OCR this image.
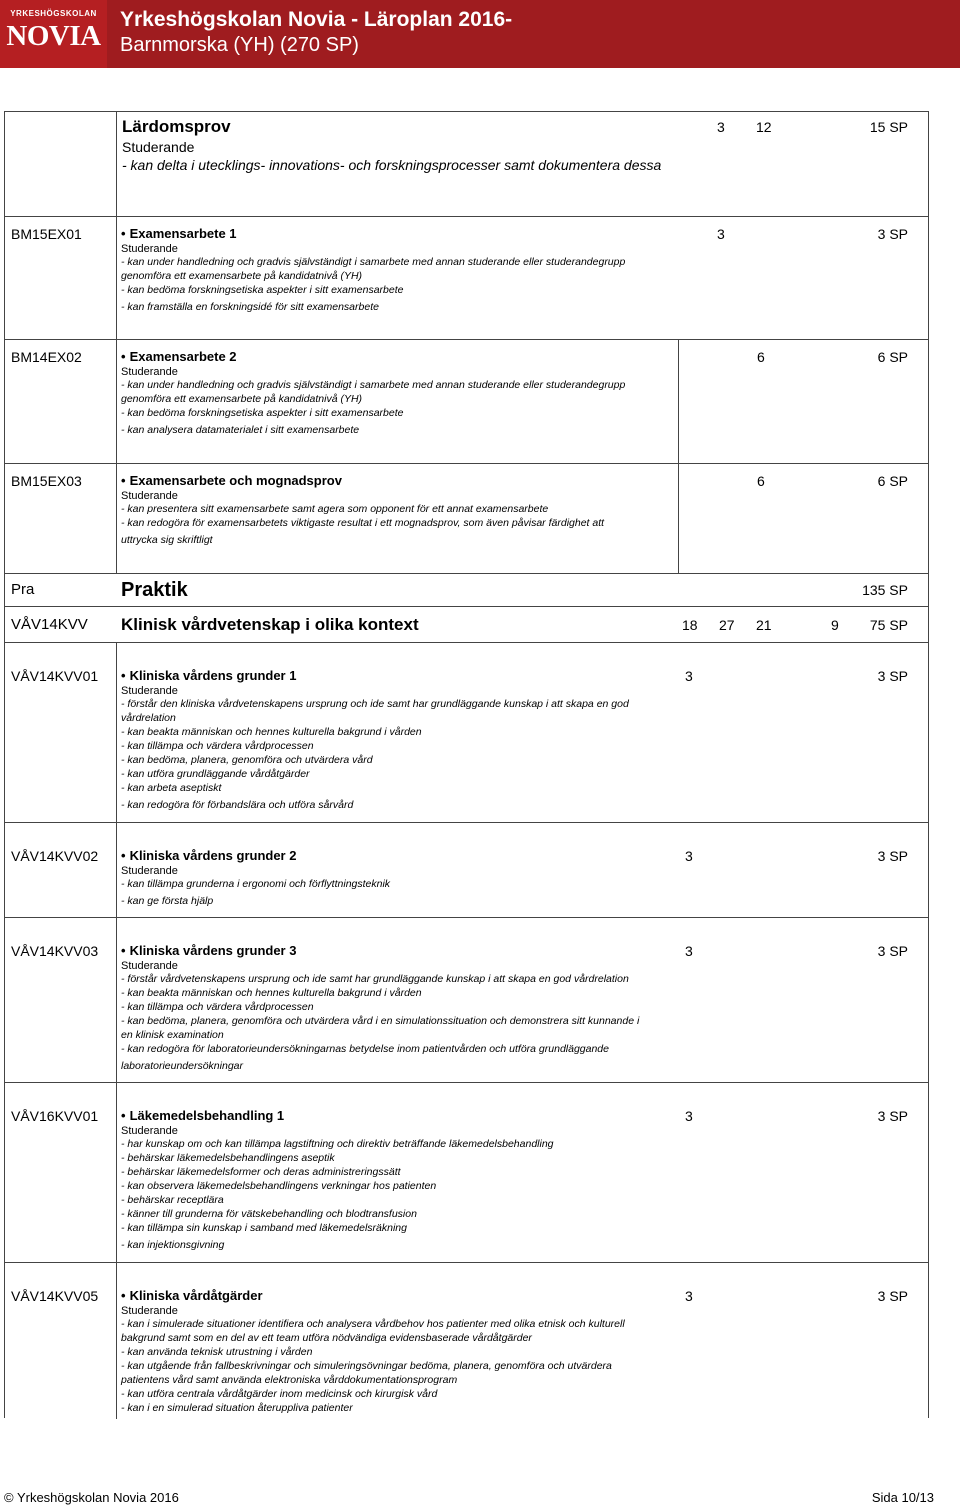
YRKESHÖGSKOLAN
NOVIA
Yrkeshögskolan Novia - Läroplan 2016-
Barnmorska (YH) (270 SP)
Lärdomsprov
Studerande
- kan delta i utecklings- innovations- och forskningsprocesser samt dokumentera dessa
3 12	15 SP
BM15EX01	• Examensarbete 1
Studerande
- kan under handledning och gradvis självständigt i samarbete med annan studerande eller studerandegrupp
genomföra ett examensarbete på kandidatnivå (YH)
- kan bedöma forskningsetiska aspekter i sitt examensarbete
- kan framställa en forskningsidé för sitt examensarbete
3	3 SP
BM14EX02	• Examensarbete 2
Studerande
- kan under handledning och gradvis självständigt i samarbete med annan studerande eller studerandegrupp
genomföra ett examensarbete på kandidatnivå (YH)
- kan bedöma forskningsetiska aspekter i sitt examensarbete
- kan analysera datamaterialet i sitt examensarbete
6	6 SP
BM15EX03	• Examensarbete och mognadsprov
Studerande
- kan presentera sitt examensarbete samt agera som opponent för ett annat examensarbete
- kan redogöra för examensarbetets viktigaste resultat i ett mognadsprov, som även påvisar färdighet att
uttrycka sig skriftligt
6	6 SP
Pra	Praktik	135 SP
VÅV14KVV Klinisk vårdvetenskap i olika kontext	18 27 21	9 75 SP
VÅV14KVV01 • Kliniska vårdens grunder 1
Studerande
- förstår den kliniska vårdvetenskapens ursprung och ide samt har grundläggande kunskap i att skapa en god
vårdrelation
- kan beakta människan och hennes kulturella bakgrund i vården
- kan tillämpa och värdera vårdprocessen
- kan bedöma, planera, genomföra och utvärdera vård
- kan utföra grundläggande vårdåtgärder
- kan arbeta aseptiskt
- kan redogöra för förbandslära och utföra sårvård
3	3 SP
VÅV14KVV02 • Kliniska vårdens grunder 2
Studerande
- kan tillämpa grunderna i ergonomi och förflyttningsteknik
- kan ge första hjälp
3	3 SP
VÅV14KVV03 • Kliniska vårdens grunder 3
Studerande
- förstår vårdvetenskapens ursprung och ide samt har grundläggande kunskap i att skapa en god vårdrelation
- kan beakta människan och hennes kulturella bakgrund i vården
- kan tillämpa och värdera vårdprocessen
- kan bedöma, planera, genomföra och utvärdera vård i en simulationssituation och demonstrera sitt kunnande i
en klinisk examination
- kan redogöra för laboratorieundersökningarnas betydelse inom patientvården och utföra grundläggande
laboratorieundersökningar
3	3 SP
VÅV16KVV01 • Läkemedelsbehandling 1
Studerande
- har kunskap om och kan tillämpa lagstiftning och direktiv beträffande läkemedelsbehandling
- behärskar läkemedelsbehandlingens aseptik
- behärskar läkemedelsformer och deras administreringssätt
- kan observera läkemedelsbehandlingens verkningar hos patienten
- behärskar receptlära
- känner till grunderna för vätskebehandling och blodtransfusion
- kan tillämpa sin kunskap i samband med läkemedelsräkning
- kan injektionsgivning
3	3 SP
VÅV14KVV05 • Kliniska vårdåtgärder
Studerande
- kan i simulerade situationer identifiera och analysera vårdbehov hos patienter med olika etnisk och kulturell
bakgrund samt som en del av ett team utföra nödvändiga evidensbaserade vårdåtgärder
- kan använda teknisk utrustning i vården
- kan utgående från fallbeskrivningar och simuleringsövningar bedöma, planera, genomföra och utvärdera
patientens vård samt använda elektroniska vårddokumentationsprogram
- kan utföra centrala vårdåtgärder inom medicinsk och kirurgisk vård
- kan i en simulerad situation återuppliva patienter
3	3 SP
© Yrkeshögskolan Novia 2016	Sida 10/13
